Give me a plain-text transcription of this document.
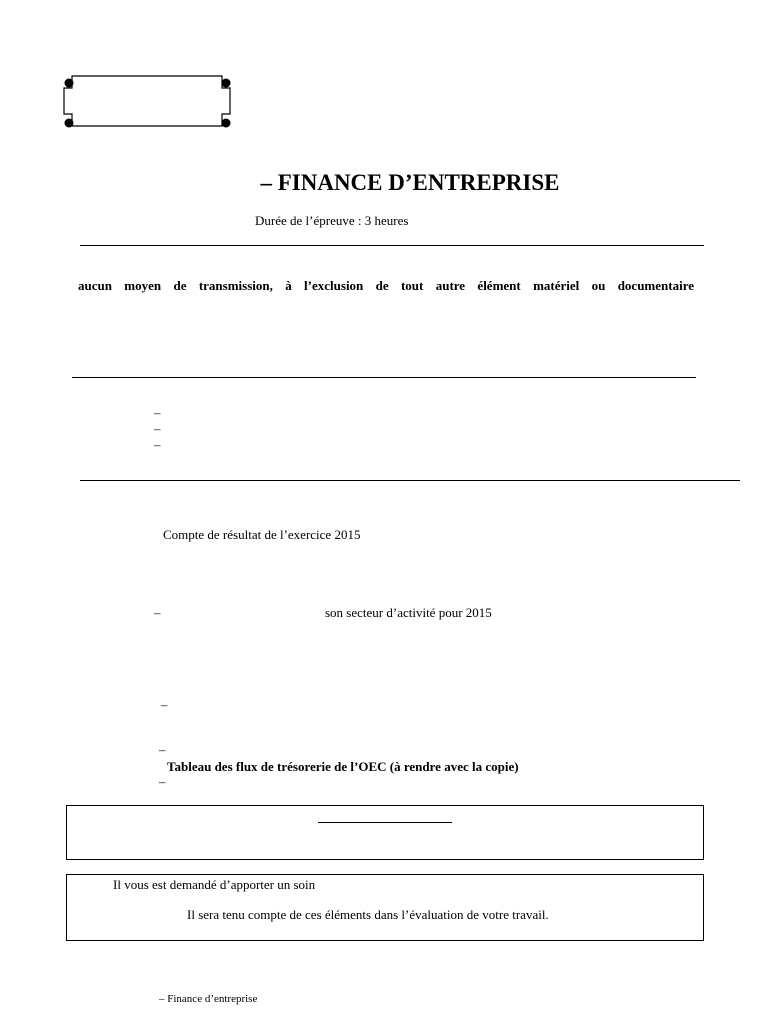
– FINANCE D’ENTREPRISE
Durée de l’épreuve : 3 heures
aucun moyen de transmission, à l’exclusion de tout autre élément matériel ou documentaire
–
–
–
Compte de résultat de l’exercice 2015
–	son secteur d’activité pour 2015
–
–
Tableau des flux de trésorerie de l’OEC (à rendre avec la copie)
–
Il vous est demandé d’apporter un soin
Il sera tenu compte de ces éléments dans l’évaluation de votre travail.
– Finance d’entreprise
